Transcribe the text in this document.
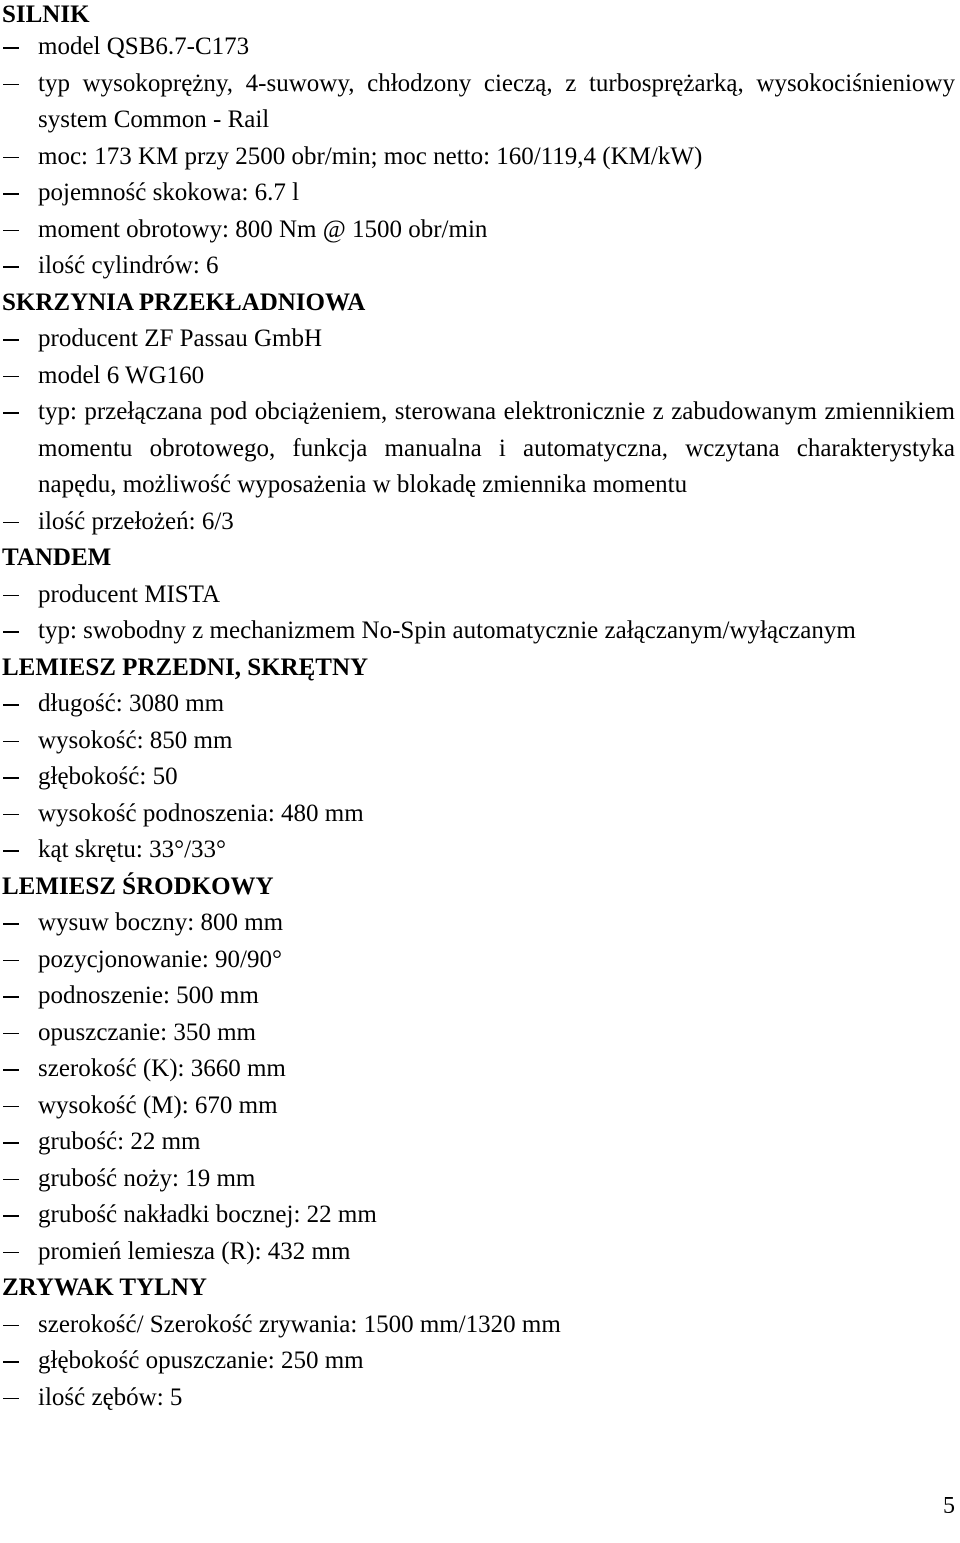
SILNIK
model QSB6.7-C173
typ wysokoprężny, 4-suwowy, chłodzony cieczą, z turbosprężarką, wysokociśnieniowy system Common - Rail
moc: 173 KM przy 2500 obr/min; moc netto: 160/119,4 (KM/kW)
pojemność skokowa: 6.7 l
moment obrotowy: 800 Nm @ 1500 obr/min
ilość cylindrów: 6
SKRZYNIA PRZEKŁADNIOWA
producent ZF Passau GmbH
model 6 WG160
typ: przełączana pod obciążeniem, sterowana elektronicznie z zabudowanym zmiennikiem momentu obrotowego, funkcja manualna i automatyczna, wczytana charakterystyka napędu, możliwość wyposażenia w blokadę zmiennika momentu
ilość przełożeń: 6/3
TANDEM
producent MISTA
typ: swobodny z mechanizmem No-Spin automatycznie załączanym/wyłączanym
LEMIESZ PRZEDNI, SKRĘTNY
długość: 3080 mm
wysokość: 850 mm
głębokość: 50
wysokość podnoszenia: 480 mm
kąt skrętu: 33°/33°
LEMIESZ ŚRODKOWY
wysuw boczny: 800 mm
pozycjonowanie: 90/90°
podnoszenie: 500 mm
opuszczanie: 350 mm
szerokość (K): 3660 mm
wysokość (M): 670 mm
grubość: 22 mm
grubość noży: 19 mm
grubość nakładki bocznej: 22 mm
promień lemiesza (R): 432 mm
ZRYWAK TYLNY
szerokość/ Szerokość zrywania: 1500 mm/1320 mm
głębokość opuszczanie: 250 mm
ilość zębów: 5
5
